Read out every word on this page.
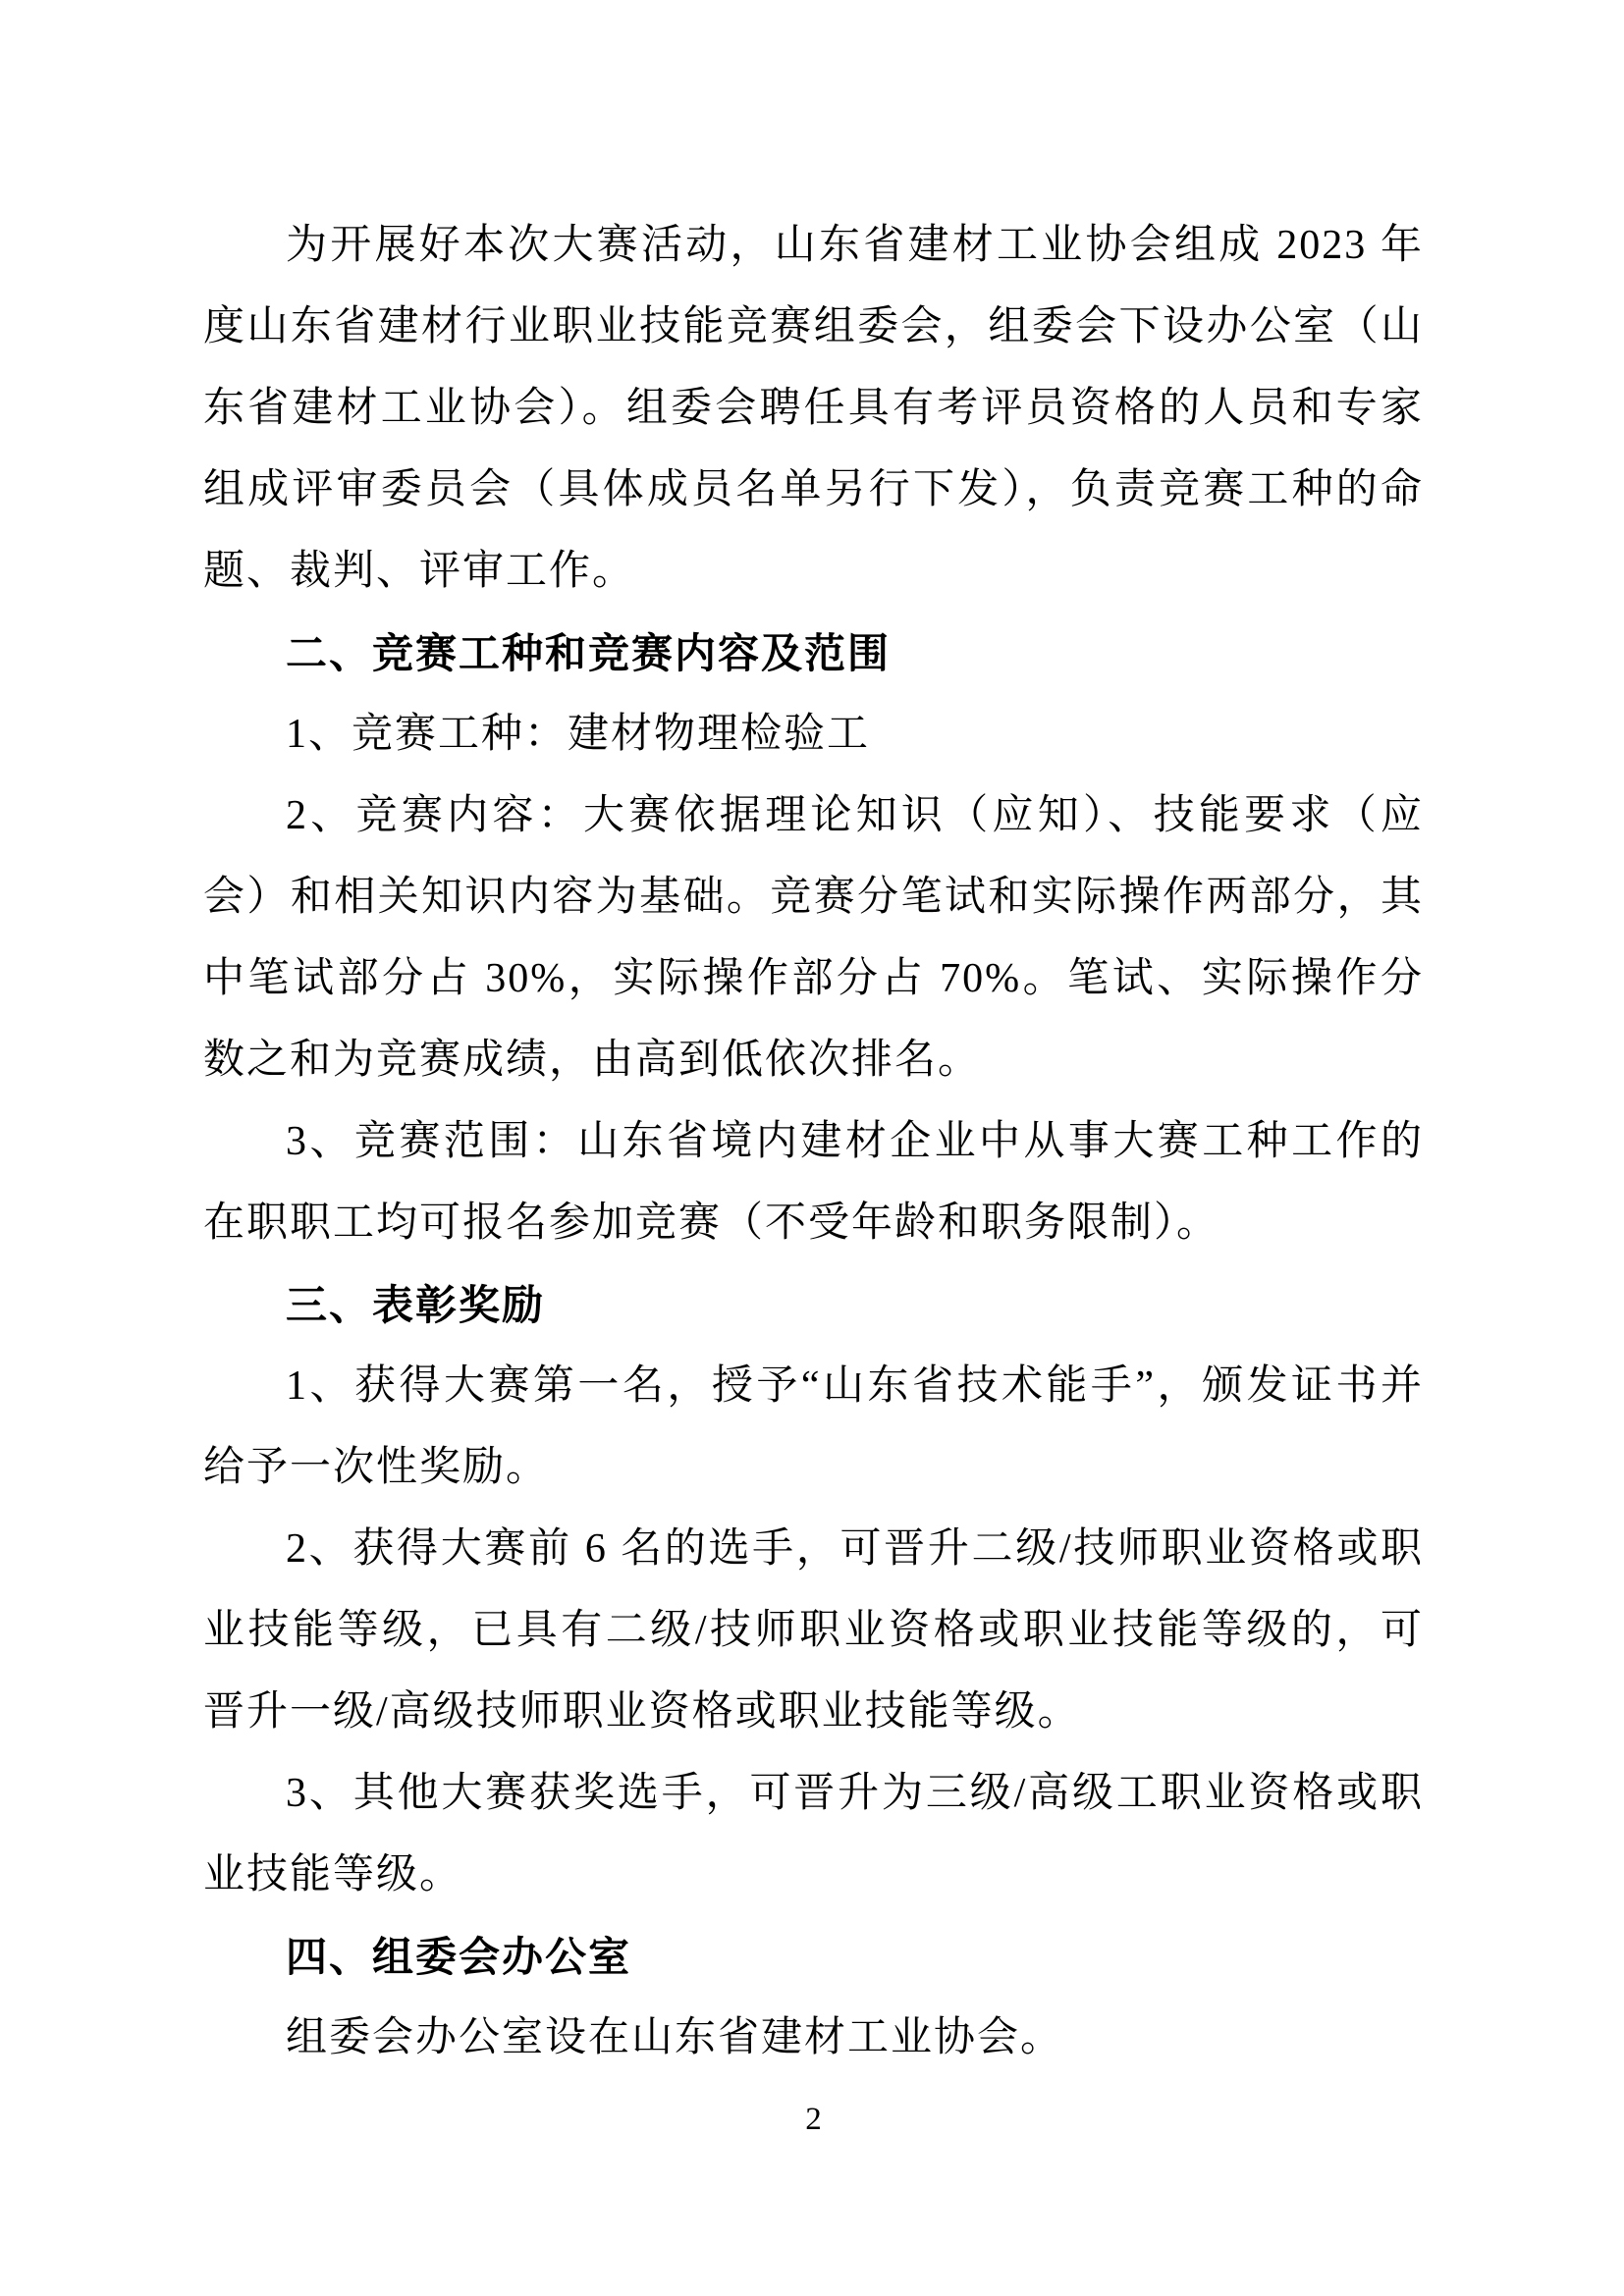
为开展好本次大赛活动，山东省建材工业协会组成 2023 年度山东省建材行业职业技能竞赛组委会，组委会下设办公室（山东省建材工业协会）。组委会聘任具有考评员资格的人员和专家组成评审委员会（具体成员名单另行下发），负责竞赛工种的命题、裁判、评审工作。

二、竞赛工种和竞赛内容及范围

1、竞赛工种：建材物理检验工

2、竞赛内容：大赛依据理论知识（应知）、技能要求（应会）和相关知识内容为基础。竞赛分笔试和实际操作两部分，其中笔试部分占 30%，实际操作部分占 70%。笔试、实际操作分数之和为竞赛成绩，由高到低依次排名。

3、竞赛范围：山东省境内建材企业中从事大赛工种工作的在职职工均可报名参加竞赛（不受年龄和职务限制）。

三、表彰奖励

1、获得大赛第一名，授予“山东省技术能手”，颁发证书并给予一次性奖励。

2、获得大赛前 6 名的选手，可晋升二级/技师职业资格或职业技能等级，已具有二级/技师职业资格或职业技能等级的，可晋升一级/高级技师职业资格或职业技能等级。

3、其他大赛获奖选手，可晋升为三级/高级工职业资格或职业技能等级。

四、组委会办公室

组委会办公室设在山东省建材工业协会。

2
